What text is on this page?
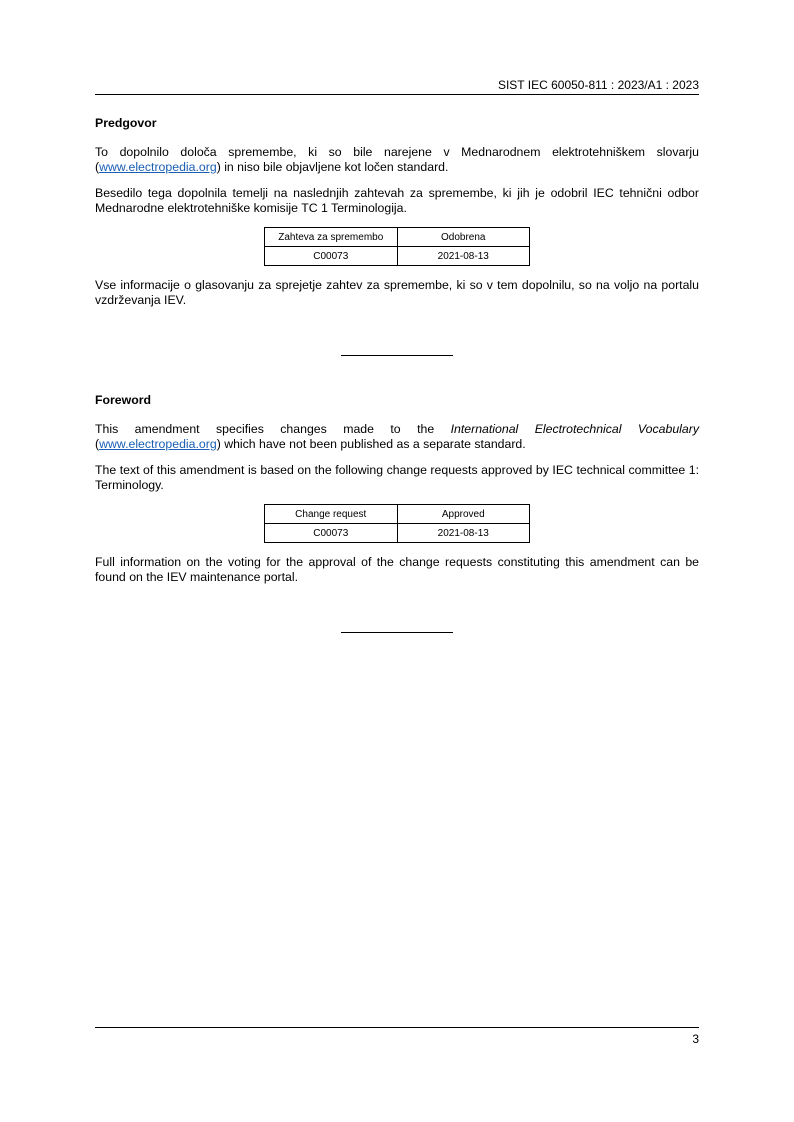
SIST IEC 60050-811 : 2023/A1 : 2023
Predgovor

To dopolnilo določa spremembe, ki so bile narejene v Mednarodnem elektrotehniškem slovarju (www.electropedia.org) in niso bile objavljene kot ločen standard.

Besedilo tega dopolnila temelji na naslednjih zahtevah za spremembe, ki jih je odobril IEC tehnični odbor Mednarodne elektrotehniške komisije TC 1 Terminologija.

Zahteva za spremembo	Odobrena
C00073	2021-08-13

Vse informacije o glasovanju za sprejetje zahtev za spremembe, ki so v tem dopolnilu, so na voljo na portalu vzdrževanja IEV.

Foreword

This amendment specifies changes made to the International Electrotechnical Vocabulary (www.electropedia.org) which have not been published as a separate standard.

The text of this amendment is based on the following change requests approved by IEC technical committee 1: Terminology.

Change request	Approved
C00073	2021-08-13

Full information on the voting for the approval of the change requests constituting this amendment can be found on the IEV maintenance portal.

3
